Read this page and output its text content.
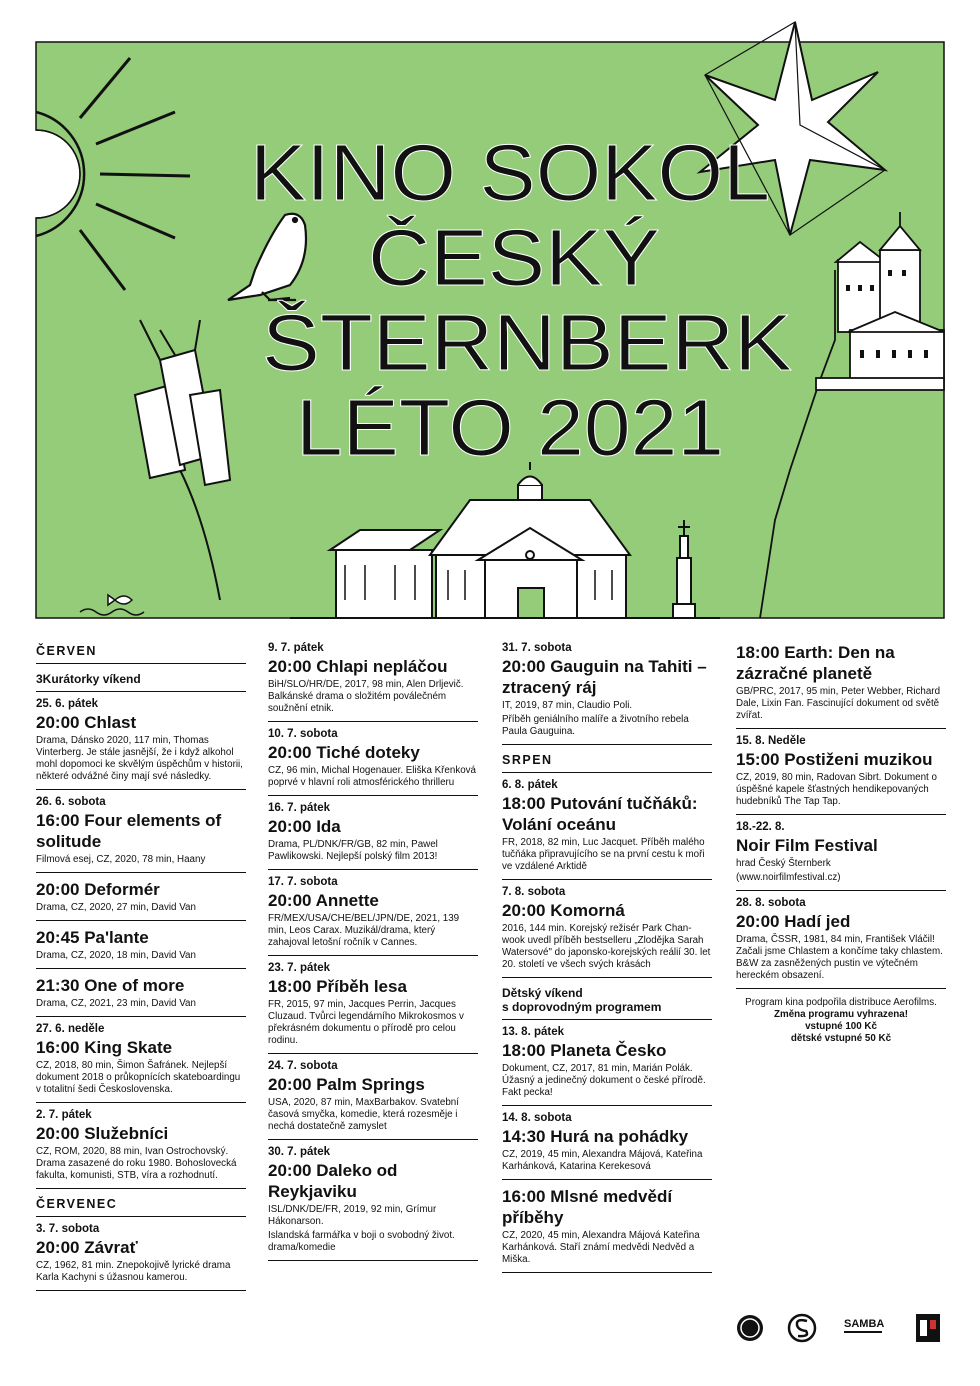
KINO SOKOL
ČESKÝ
ŠTERNBERK
LÉTO 2021
ČERVEN
3Kurátorky víkend
25. 6. pátek
20:00 Chlast
Drama, Dánsko 2020, 117 min, Thomas Vinterberg. Je stále jasnější, že i když alkohol mohl dopomoci ke skvělým úspěchům v historii, některé odvážné činy mají své následky.
26. 6. sobota
16:00 Four elements of solitude
Filmová esej, CZ, 2020, 78 min, Haany
20:00 Deformér
Drama, CZ, 2020, 27 min, David Van
20:45 Pa'lante
Drama, CZ, 2020, 18 min, David Van
21:30 One of more
Drama, CZ, 2021, 23 min, David Van
27. 6. neděle
16:00 King Skate
CZ, 2018, 80 min, Šimon Šafránek. Nejlepší dokument 2018 o průkopnících skateboardingu v totalitní šedi Československa.
2. 7. pátek
20:00 Služebníci
CZ, ROM, 2020, 88 min, Ivan Ostrochovský. Drama zasazené do roku 1980. Bohoslovecká fakulta, komunisti, STB, víra a rozhodnutí.
ČERVENEC
3. 7. sobota
20:00 Závrať
CZ, 1962, 81 min. Znepokojivě lyrické drama Karla Kachyni s úžasnou kamerou.
9. 7. pátek
20:00 Chlapi nepláčou
BiH/SLO/HR/DE, 2017, 98 min, Alen Drljevič. Balkánské drama o složitém poválečném soužnění etnik.
10. 7. sobota
20:00 Tiché doteky
CZ, 96 min, Michal Hogenauer. Eliška Křenková poprvé v hlavní roli atmosférického thrilleru
16. 7. pátek
20:00 Ida
Drama, PL/DNK/FR/GB, 82 min, Pawel Pawlikowski. Nejlepší polský film 2013!
17. 7. sobota
20:00 Annette
FR/MEX/USA/CHE/BEL/JPN/DE, 2021, 139 min, Leos Carax. Muzikál/drama, který zahajoval letošní ročník v Cannes.
23. 7. pátek
18:00 Příběh lesa
FR, 2015, 97 min, Jacques Perrin, Jacques Cluzaud. Tvůrci legendárního Mikrokosmos v překrásném dokumentu o přírodě pro celou rodinu.
24. 7. sobota
20:00 Palm Springs
USA, 2020, 87 min, MaxBarbakov. Svatební časová smyčka, komedie, která rozesměje i nechá dostatečně zamyslet
30. 7. pátek
20:00 Daleko od Reykjaviku
ISL/DNK/DE/FR, 2019, 92 min, Grímur Hákonarson.
Islandská farmářka v boji o svobodný život. drama/komedie
31. 7. sobota
20:00 Gauguin na Tahiti – ztracený ráj
IT, 2019, 87 min, Claudio Poli.
Příběh geniálního malíře a životního rebela Paula Gauguina.
SRPEN
6. 8. pátek
18:00 Putování tučňáků: Volání oceánu
FR, 2018, 82 min, Luc Jacquet. Příběh malého tučňáka připravujícího se na první cestu k moři ve vzdálené Arktidě
7. 8. sobota
20:00 Komorná
2016, 144 min. Korejský režisér Park Chan-wook uvedl příběh bestselleru „Zlodějka Sarah Watersové" do japonsko-korejských reálií 30. let 20. století ve všech svých krásách
Dětský víkend
s doprovodným programem
13. 8. pátek
18:00 Planeta Česko
Dokument, CZ, 2017, 81 min, Marián Polák. Úžasný a jedinečný dokument o české přírodě. Fakt pecka!
14. 8. sobota
14:30 Hurá na pohádky
CZ, 2019, 45 min, Alexandra Májová, Kateřina Karhánková, Katarina Kerekesová
16:00 Mlsné medvědí příběhy
CZ, 2020, 45 min, Alexandra Májová Kateřina Karhánková. Staří známí medvědi Nedvěd a Miška.
18:00 Earth: Den na zázračné planetě
GB/PRC, 2017, 95 min, Peter Webber, Richard Dale, Lixin Fan. Fascinující dokument od světě zvířat.
15. 8. Neděle
15:00 Postiženi muzikou
CZ, 2019, 80 min, Radovan Sibrt. Dokument o úspěšné kapele šťastných hendikepovaných hudebníků The Tap Tap.
18.-22. 8.
Noir Film Festival
hrad Český Šternberk
(www.noirfilmfestival.cz)
28. 8. sobota
20:00 Hadí jed
Drama, ČSSR, 1981, 84 min, František Vláčil! Začali jsme Chlastem a končíme taky chlastem. B&W za zasněžených pustin ve výtečném hereckém obsazení.
Program kina podpořila distribuce Aerofilms.
Změna programu vyhrazena!
vstupné 100 Kč
dětské vstupné 50 Kč
SAMBA
